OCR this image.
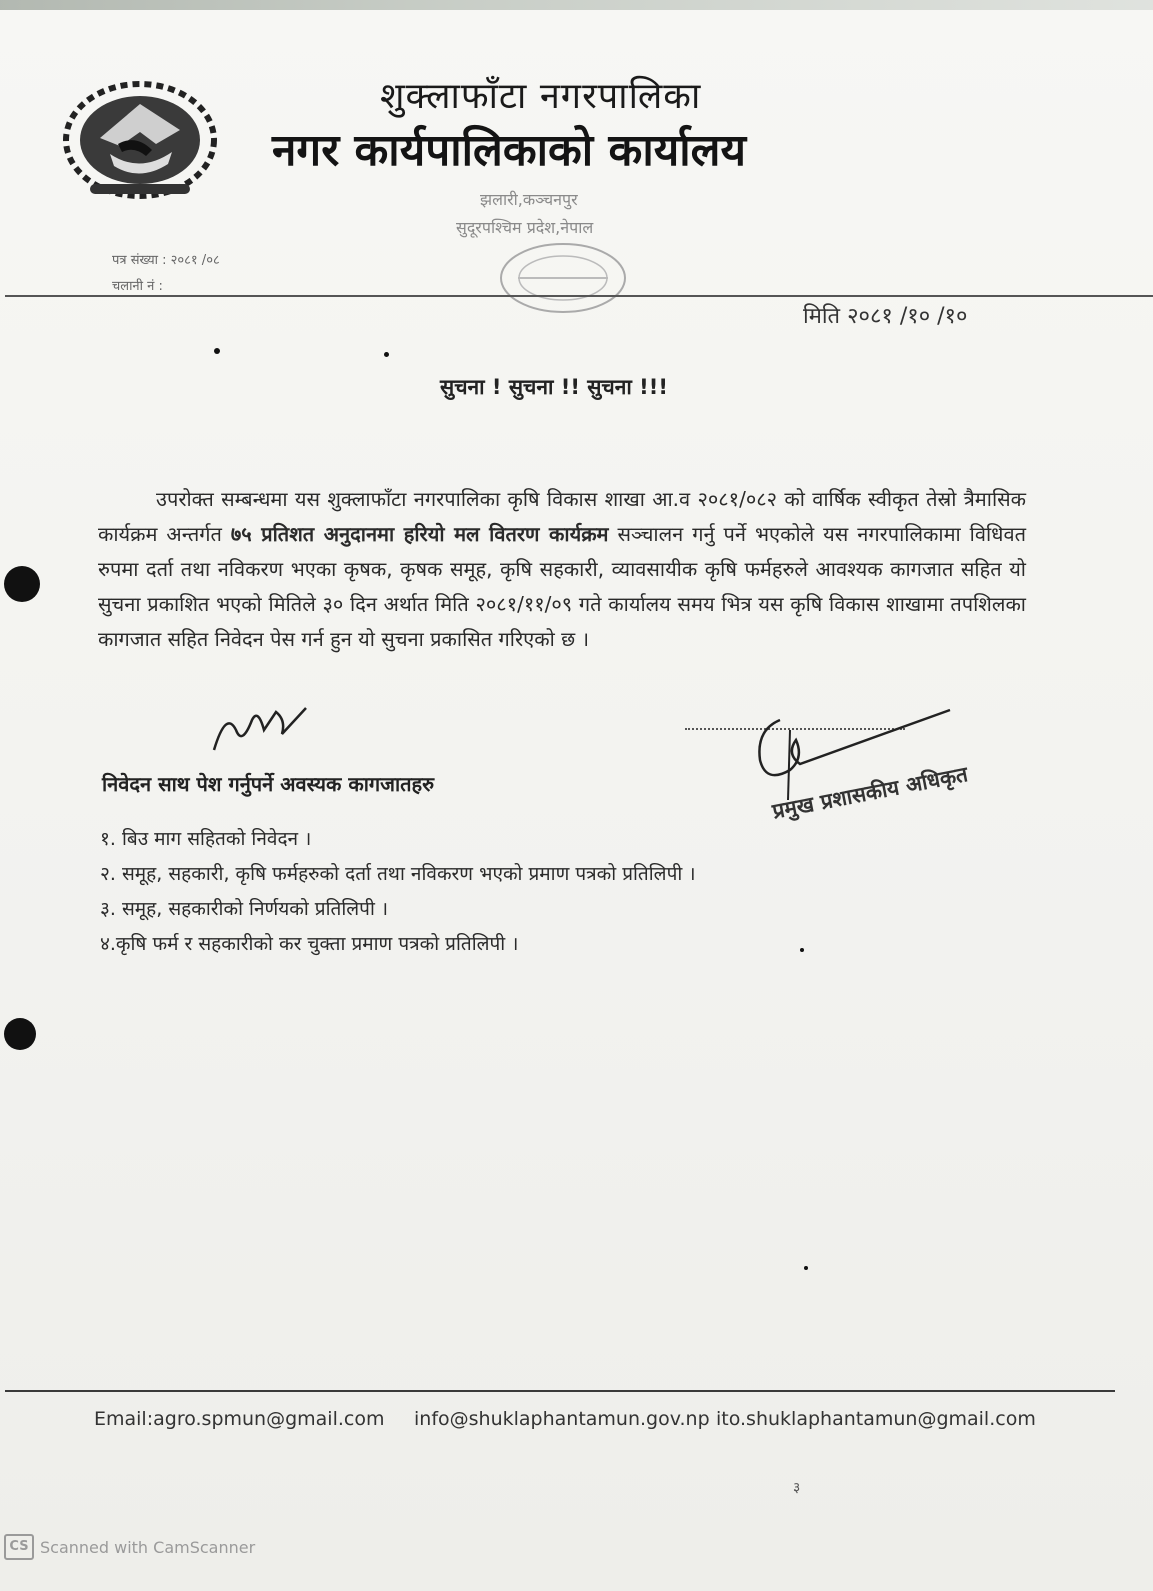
शुक्लाफाँटा नगरपालिका
नगर कार्यपालिकाको कार्यालय
झलारी,कञ्चनपुर
सुदूरपश्चिम प्रदेश,नेपाल
पत्र संख्या : २०८१ /०८
चलानी नं :
मिति २०८१ /१० /१०
सुचना ! सुचना !! सुचना !!!
उपरोक्त सम्बन्धमा यस शुक्लाफाँटा नगरपालिका कृषि विकास शाखा आ.व २०८१/०८२ को वार्षिक स्वीकृत तेस्रो त्रैमासिक कार्यक्रम अन्तर्गत ७५ प्रतिशत अनुदानमा हरियो मल वितरण कार्यक्रम सञ्चालन गर्नु पर्ने भएकोले यस नगरपालिकामा विधिवत रुपमा दर्ता तथा नविकरण भएका कृषक, कृषक समूह, कृषि सहकारी, व्यावसायीक कृषि फर्महरुले आवश्यक कागजात सहित यो सुचना प्रकाशित भएको मितिले ३० दिन अर्थात मिति २०८१/११/०९ गते कार्यालय समय भित्र यस कृषि विकास शाखामा तपशिलका कागजात सहित निवेदन पेस गर्न हुन यो सुचना प्रकासित गरिएको छ ।
निवेदन साथ पेश गर्नुपर्ने अवस्यक कागजातहरु
१. बिउ माग सहितको निवेदन ।
२. समूह, सहकारी, कृषि फर्महरुको दर्ता तथा नविकरण भएको प्रमाण पत्रको प्रतिलिपी ।
३. समूह, सहकारीको निर्णयको प्रतिलिपी ।
४.कृषि फर्म र सहकारीको कर चुक्ता प्रमाण पत्रको प्रतिलिपी ।
प्रमुख प्रशासकीय अधिकृत
Email:agro.spmun@gmail.com info@shuklaphantamun.gov.np ito.shuklaphantamun@gmail.com
३
CS Scanned with CamScanner
